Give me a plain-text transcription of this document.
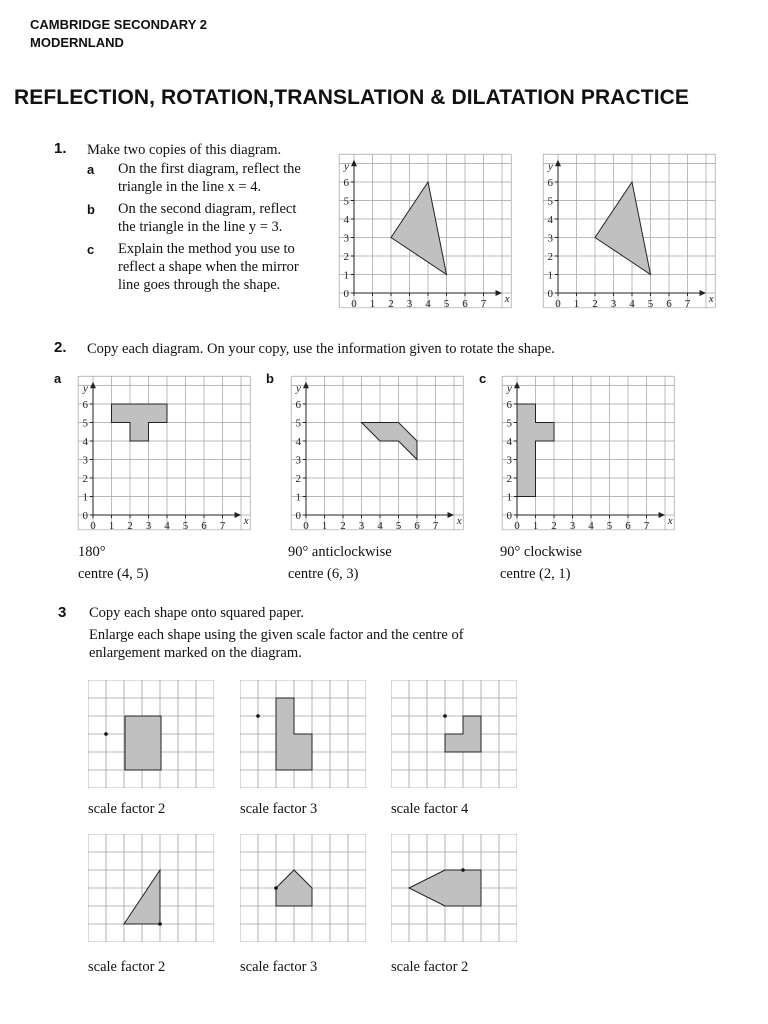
CAMBRIDGE SECONDARY 2
MODERNLAND
REFLECTION, ROTATION,TRANSLATION & DILATATION PRACTICE
1. Make two copies of this diagram.
a On the first diagram, reflect the
triangle in the line x = 4.
b On the second diagram, reflect
the triangle in the line y = 3.
c Explain the method you use to
reflect a shape when the mirror
line goes through the shape.
0
0
1
1
2
2
3
3
4
4
5
5
6
6
7 x
y
0
0
1
1
2
2
3
3
4
4
5
5
6
6
7 x
y
2. Copy each diagram. On your copy, use the information given to rotate the shape.
a	b	c
0
0
1
1
2
2
3
3
4
4
5
5
6
6
7 x
y
0
0
1
1
2
2
3
3
4
4
5
5
6
6
7 x
y
0
0
1
1
2
2
3
3
4
4
5
5
6
6
7 x
y
180°
centre (4, 5)
90° anticlockwise
centre (6, 3)
90° clockwise
centre (2, 1)
3 Copy each shape onto squared paper.
Enlarge each shape using the given scale factor and the centre of
enlargement marked on the diagram.
scale factor 2	scale factor 3	scale factor 4
scale factor 2	scale factor 3	scale factor 2
